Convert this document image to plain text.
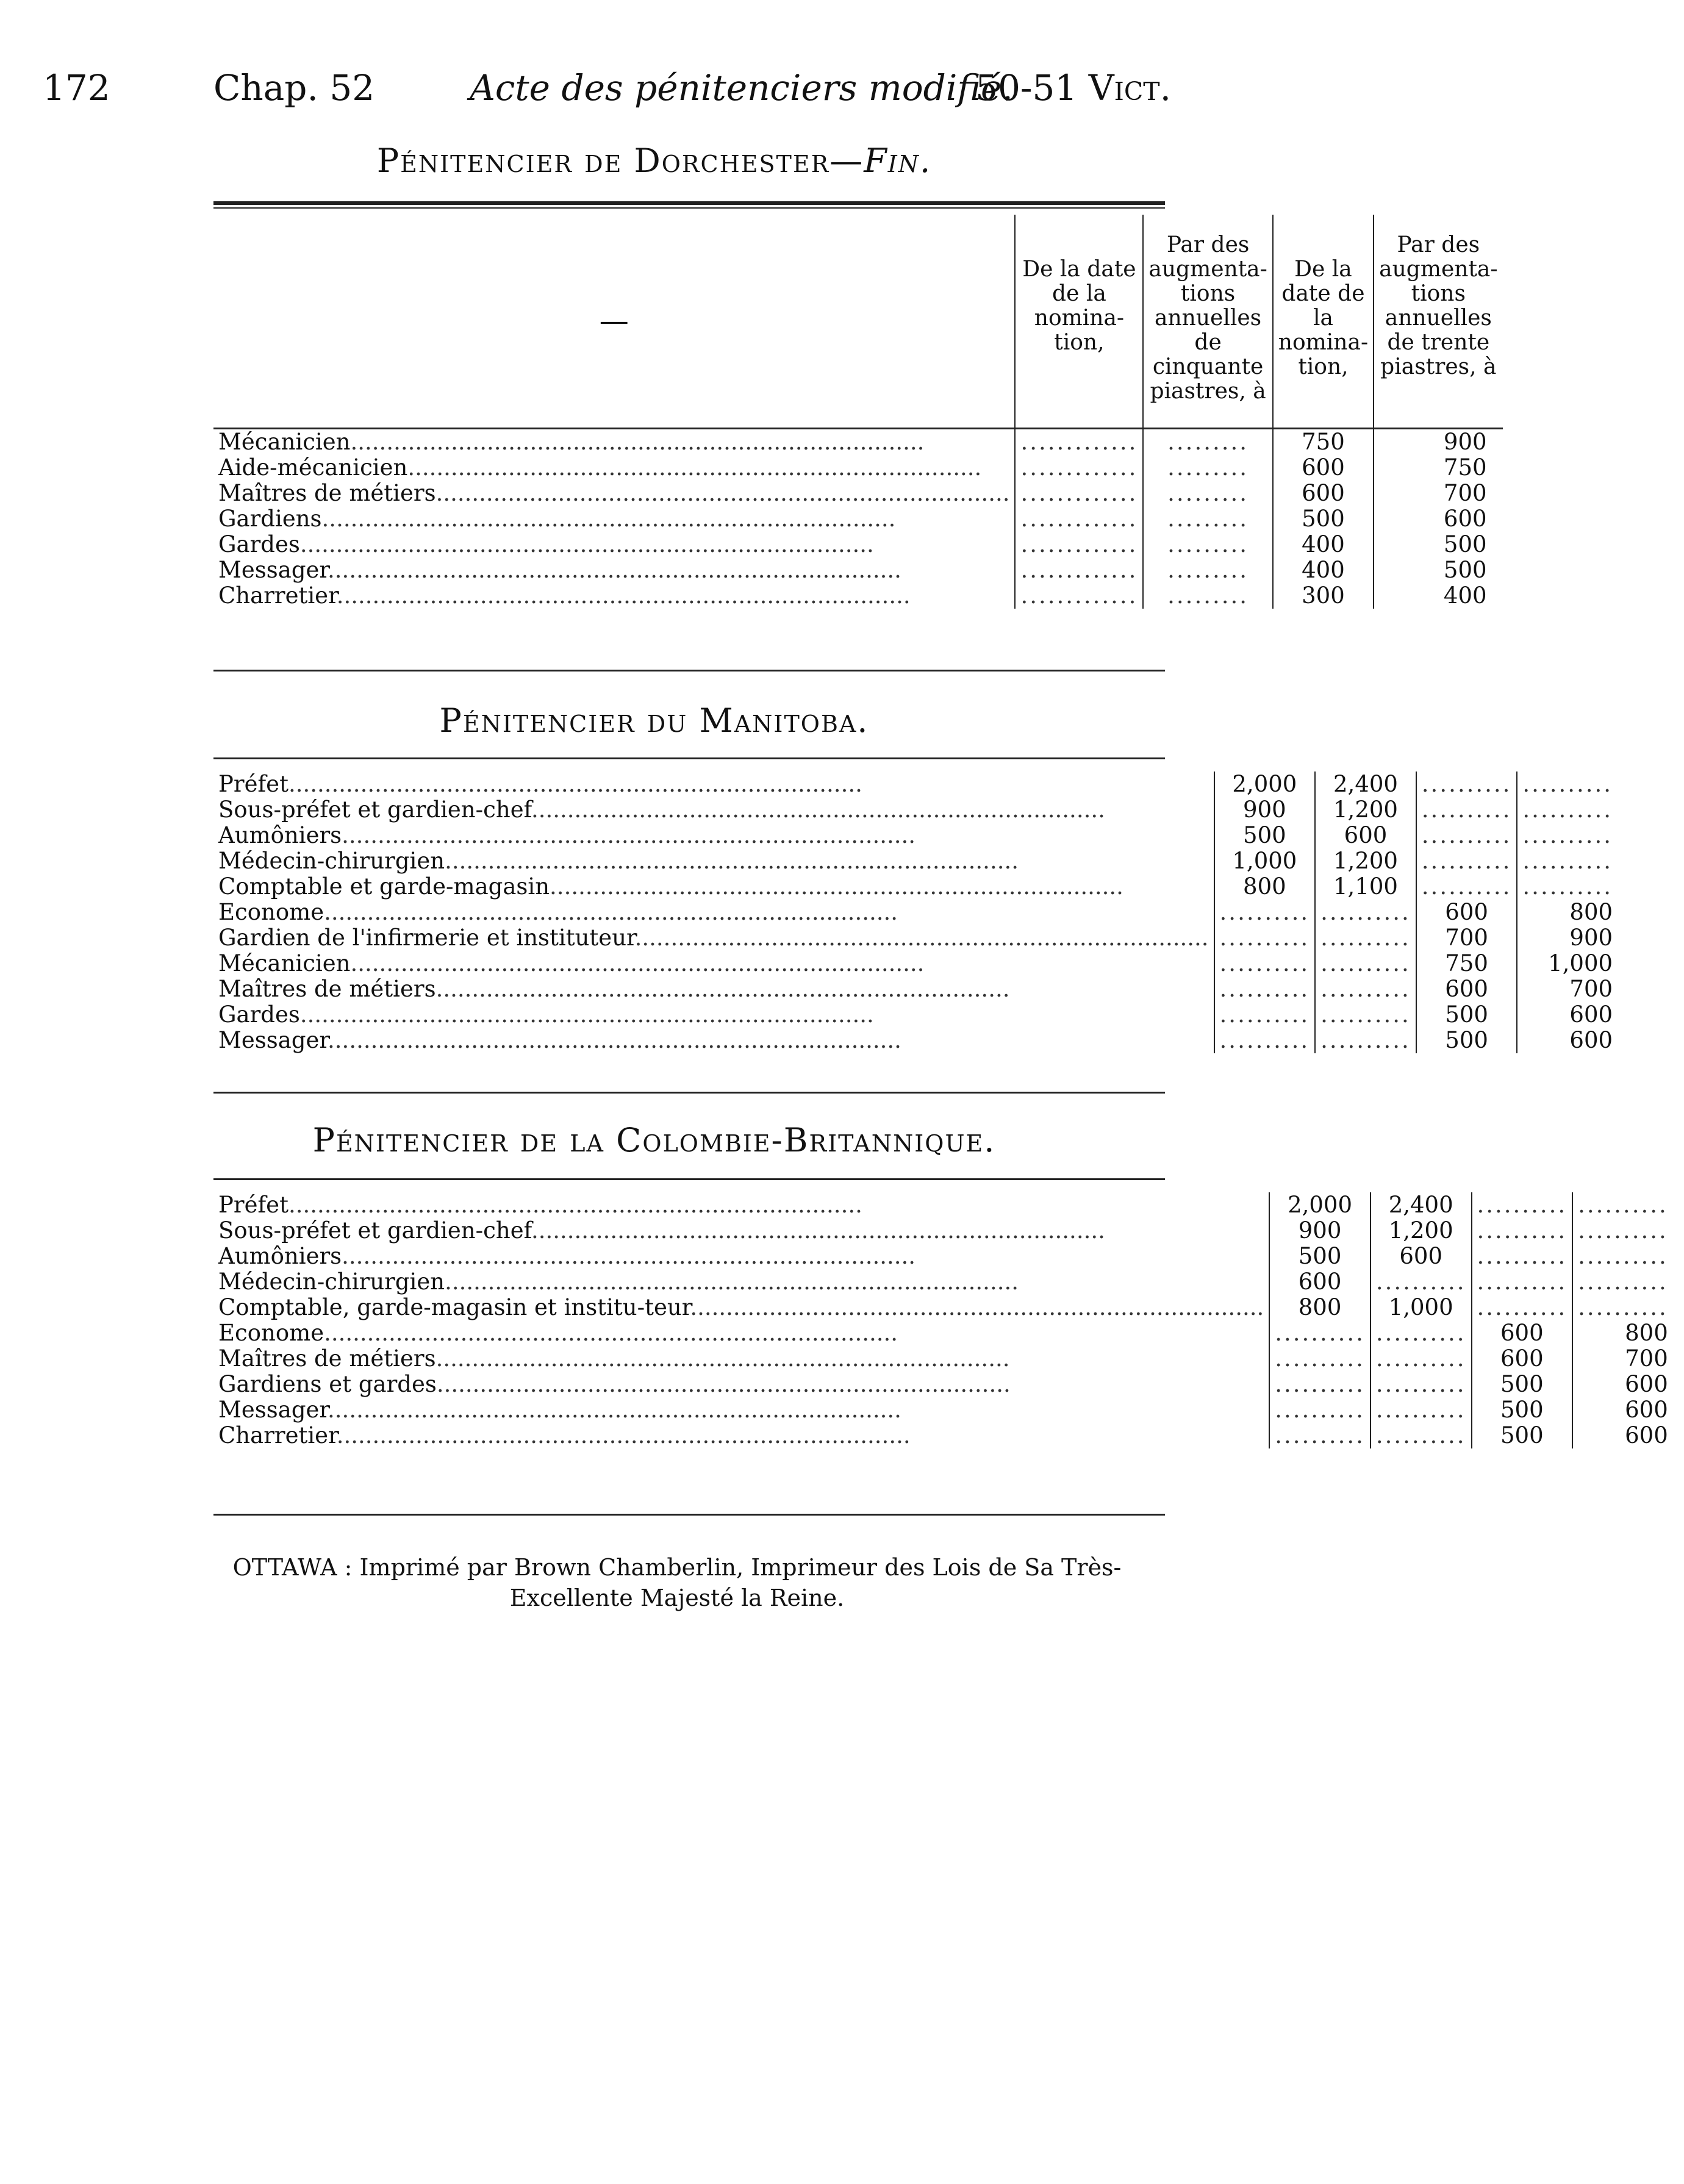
172	Chap. 52	Acte des pénitenciers modifié.
50-51 Vict.
Pénitencier de Dorchester—Fin.
—	De la date de la nomina-tion,	Par des augmenta-tions annuelles de cinquante piastres, à	De la date de la nomina-tion,	Par des augmenta-tions annuelles de trente piastres, à
Mécanicien................................................................................	.............	.........	750	900
Aide-mécanicien................................................................................	.............	.........	600	750
Maîtres de métiers................................................................................	.............	.........	600	700
Gardiens................................................................................	.............	.........	500	600
Gardes................................................................................	.............	.........	400	500
Messager................................................................................	.............	.........	400	500
Charretier................................................................................	.............	.........	300	400
Pénitencier du Manitoba.
Préfet................................................................................	2,000	2,400	..........	..........
Sous-préfet et gardien-chef................................................................................	900	1,200	..........	..........
Aumôniers................................................................................	500	600	..........	..........
Médecin-chirurgien................................................................................	1,000	1,200	..........	..........
Comptable et garde-magasin................................................................................	800	1,100	..........	..........
Econome................................................................................	..........	..........	600	800
Gardien de l'infirmerie et instituteur................................................................................	..........	..........	700	900
Mécanicien................................................................................	..........	..........	750	1,000
Maîtres de métiers................................................................................	..........	..........	600	700
Gardes................................................................................	..........	..........	500	600
Messager................................................................................	..........	..........	500	600
Pénitencier de la Colombie-Britannique.
Préfet................................................................................	2,000	2,400	..........	..........
Sous-préfet et gardien-chef................................................................................	900	1,200	..........	..........
Aumôniers................................................................................	500	600	..........	..........
Médecin-chirurgien................................................................................	600	..........	..........	..........
Comptable, garde-magasin et institu-teur................................................................................	800	1,000	..........	..........
Econome................................................................................	..........	..........	600	800
Maîtres de métiers................................................................................	..........	..........	600	700
Gardiens et gardes................................................................................	..........	..........	500	600
Messager................................................................................	..........	..........	500	600
Charretier................................................................................	..........	..........	500	600
OTTAWA : Imprimé par Brown Chamberlin, Imprimeur des Lois de Sa Très-Excellente Majesté la Reine.
